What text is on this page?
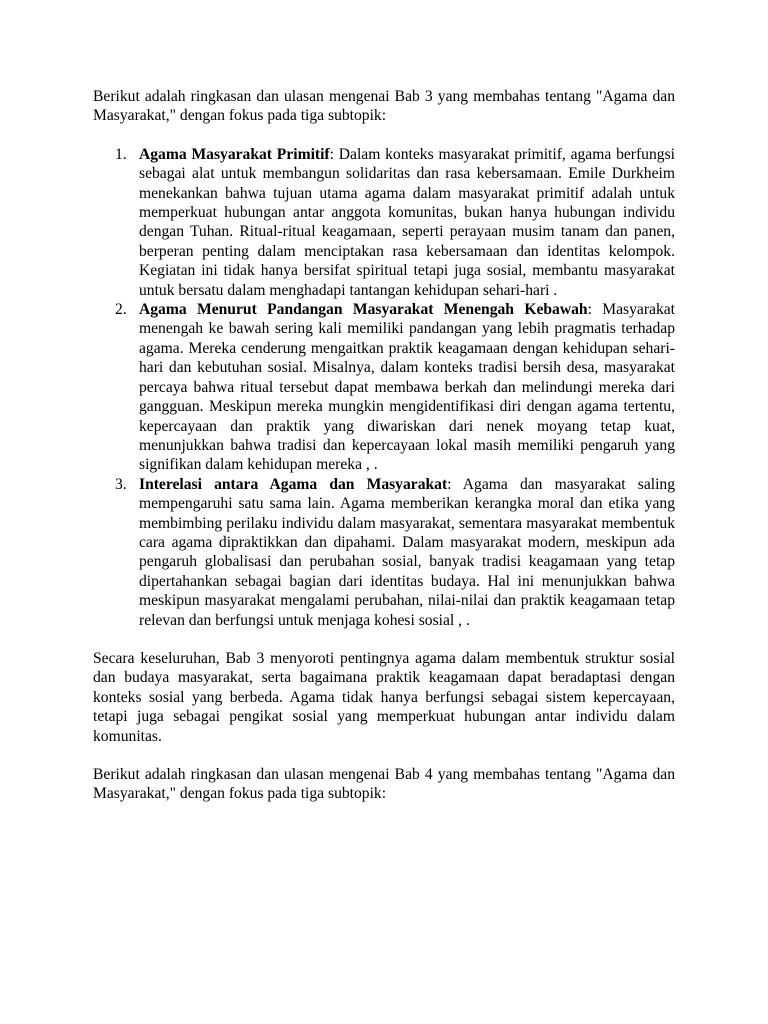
Berikut adalah ringkasan dan ulasan mengenai Bab 3 yang membahas tentang "Agama dan Masyarakat," dengan fokus pada tiga subtopik:

1. Agama Masyarakat Primitif: Dalam konteks masyarakat primitif, agama berfungsi sebagai alat untuk membangun solidaritas dan rasa kebersamaan. Emile Durkheim menekankan bahwa tujuan utama agama dalam masyarakat primitif adalah untuk memperkuat hubungan antar anggota komunitas, bukan hanya hubungan individu dengan Tuhan. Ritual-ritual keagamaan, seperti perayaan musim tanam dan panen, berperan penting dalam menciptakan rasa kebersamaan dan identitas kelompok. Kegiatan ini tidak hanya bersifat spiritual tetapi juga sosial, membantu masyarakat untuk bersatu dalam menghadapi tantangan kehidupan sehari-hari .
2. Agama Menurut Pandangan Masyarakat Menengah Kebawah: Masyarakat menengah ke bawah sering kali memiliki pandangan yang lebih pragmatis terhadap agama. Mereka cenderung mengaitkan praktik keagamaan dengan kehidupan sehari-hari dan kebutuhan sosial. Misalnya, dalam konteks tradisi bersih desa, masyarakat percaya bahwa ritual tersebut dapat membawa berkah dan melindungi mereka dari gangguan. Meskipun mereka mungkin mengidentifikasi diri dengan agama tertentu, kepercayaan dan praktik yang diwariskan dari nenek moyang tetap kuat, menunjukkan bahwa tradisi dan kepercayaan lokal masih memiliki pengaruh yang signifikan dalam kehidupan mereka , .
3. Interelasi antara Agama dan Masyarakat: Agama dan masyarakat saling mempengaruhi satu sama lain. Agama memberikan kerangka moral dan etika yang membimbing perilaku individu dalam masyarakat, sementara masyarakat membentuk cara agama dipraktikkan dan dipahami. Dalam masyarakat modern, meskipun ada pengaruh globalisasi dan perubahan sosial, banyak tradisi keagamaan yang tetap dipertahankan sebagai bagian dari identitas budaya. Hal ini menunjukkan bahwa meskipun masyarakat mengalami perubahan, nilai-nilai dan praktik keagamaan tetap relevan dan berfungsi untuk menjaga kohesi sosial , .

Secara keseluruhan, Bab 3 menyoroti pentingnya agama dalam membentuk struktur sosial dan budaya masyarakat, serta bagaimana praktik keagamaan dapat beradaptasi dengan konteks sosial yang berbeda. Agama tidak hanya berfungsi sebagai sistem kepercayaan, tetapi juga sebagai pengikat sosial yang memperkuat hubungan antar individu dalam komunitas.

Berikut adalah ringkasan dan ulasan mengenai Bab 4 yang membahas tentang "Agama dan Masyarakat," dengan fokus pada tiga subtopik:
